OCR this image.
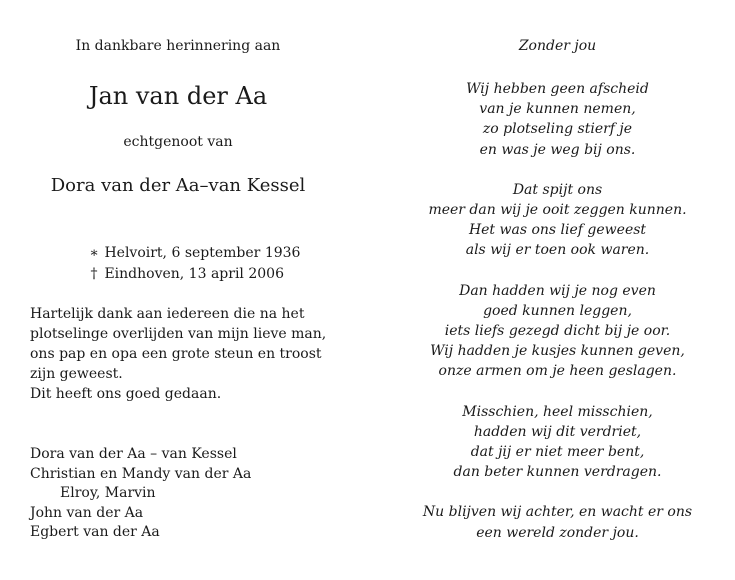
In dankbare herinnering aan
Jan van der Aa
echtgenoot van
Dora van der Aa–van Kessel
∗ Helvoirt, 6 september 1936
† Eindhoven, 13 april 2006
Hartelijk dank aan iedereen die na het
plotselinge overlijden van mijn lieve man,
ons pap en opa een grote steun en troost
zijn geweest.
Dit heeft ons goed gedaan.
Dora van der Aa – van Kessel
Christian en Mandy van der Aa
Elroy, Marvin
John van der Aa
Egbert van der Aa
Zonder jou
Wij hebben geen afscheid
van je kunnen nemen,
zo plotseling stierf je
en was je weg bij ons.
Dat spijt ons
meer dan wij je ooit zeggen kunnen.
Het was ons lief geweest
als wij er toen ook waren.
Dan hadden wij je nog even
goed kunnen leggen,
iets liefs gezegd dicht bij je oor.
Wij hadden je kusjes kunnen geven,
onze armen om je heen geslagen.
Misschien, heel misschien,
hadden wij dit verdriet,
dat jij er niet meer bent,
dan beter kunnen verdragen.
Nu blijven wij achter, en wacht er ons
een wereld zonder jou.
